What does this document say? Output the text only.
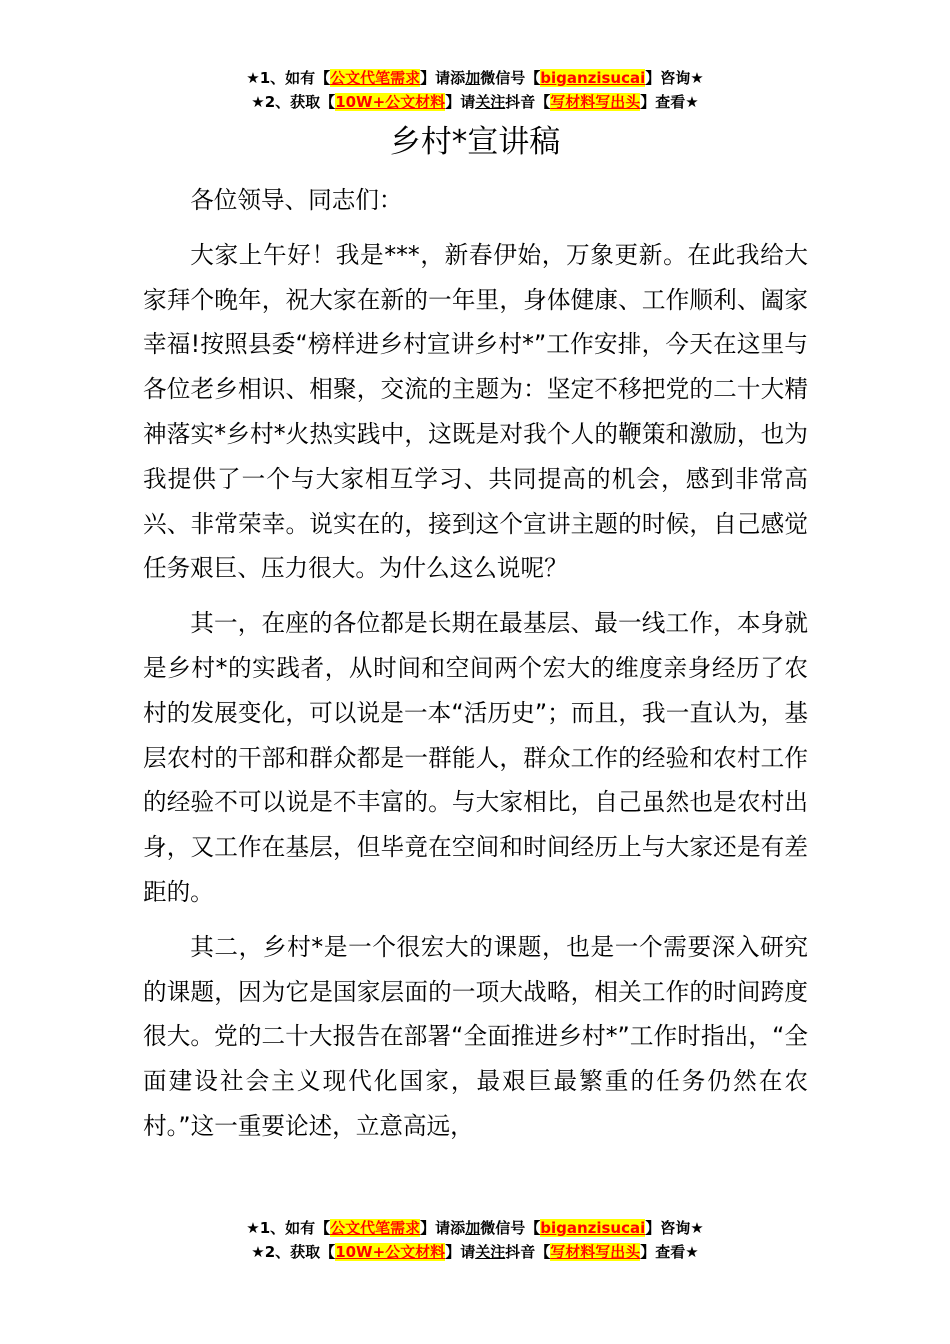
★1、如有【公文代笔需求】请添加微信号【biganzisucai】咨询★
★2、获取【10W+公文材料】请关注抖音【写材料写出头】查看★
乡村*宣讲稿

各位领导、同志们：

大家上午好！我是***，新春伊始，万象更新。在此我给大家拜个晚年，祝大家在新的一年里，身体健康、工作顺利、阖家幸福!按照县委“榜样进乡村宣讲乡村*”工作安排，今天在这里与各位老乡相识、相聚，交流的主题为：坚定不移把党的二十大精神落实*乡村*火热实践中，这既是对我个人的鞭策和激励，也为我提供了一个与大家相互学习、共同提高的机会，感到非常高兴、非常荣幸。说实在的，接到这个宣讲主题的时候，自己感觉任务艰巨、压力很大。为什么这么说呢？

其一，在座的各位都是长期在最基层、最一线工作，本身就是乡村*的实践者，从时间和空间两个宏大的维度亲身经历了农村的发展变化，可以说是一本“活历史”；而且，我一直认为，基层农村的干部和群众都是一群能人，群众工作的经验和农村工作的经验不可以说是不丰富的。与大家相比，自己虽然也是农村出身，又工作在基层，但毕竟在空间和时间经历上与大家还是有差距的。

其二，乡村*是一个很宏大的课题，也是一个需要深入研究的课题，因为它是国家层面的一项大战略，相关工作的时间跨度很大。党的二十大报告在部署“全面推进乡村*”工作时指出，“全面建设社会主义现代化国家，最艰巨最繁重的任务仍然在农村。”这一重要论述，立意高远，

★1、如有【公文代笔需求】请添加微信号【biganzisucai】咨询★
★2、获取【10W+公文材料】请关注抖音【写材料写出头】查看★
